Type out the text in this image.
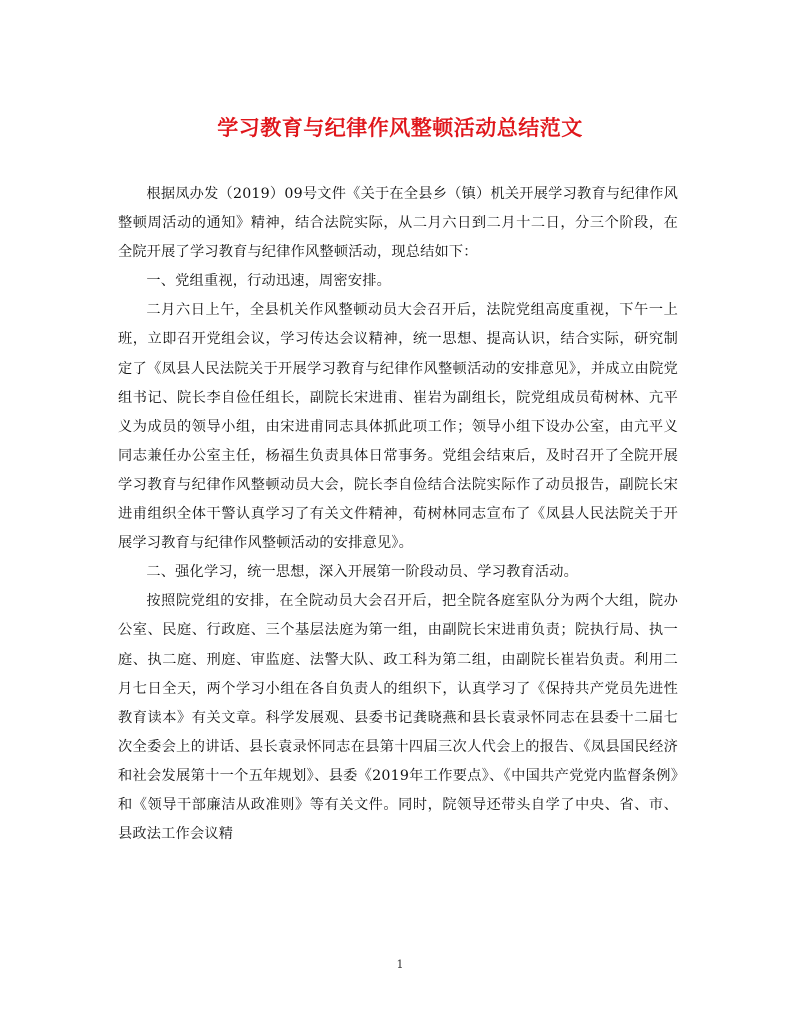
学习教育与纪律作风整顿活动总结范文

根据凤办发（2019）09号文件《关于在全县乡（镇）机关开展学习教育与纪律作风整顿周活动的通知》精神，结合法院实际，从二月六日到二月十二日，分三个阶段，在全院开展了学习教育与纪律作风整顿活动，现总结如下：

一、党组重视，行动迅速，周密安排。

二月六日上午，全县机关作风整顿动员大会召开后，法院党组高度重视，下午一上班，立即召开党组会议，学习传达会议精神，统一思想、提高认识，结合实际，研究制定了《凤县人民法院关于开展学习教育与纪律作风整顿活动的安排意见》，并成立由院党组书记、院长李自俭任组长，副院长宋进甫、崔岩为副组长，院党组成员荀树林、亢平义为成员的领导小组，由宋进甫同志具体抓此项工作；领导小组下设办公室，由亢平义同志兼任办公室主任，杨福生负责具体日常事务。党组会结束后，及时召开了全院开展学习教育与纪律作风整顿动员大会，院长李自俭结合法院实际作了动员报告，副院长宋进甫组织全体干警认真学习了有关文件精神，荀树林同志宣布了《凤县人民法院关于开展学习教育与纪律作风整顿活动的安排意见》。

二、强化学习，统一思想，深入开展第一阶段动员、学习教育活动。

按照院党组的安排，在全院动员大会召开后，把全院各庭室队分为两个大组，院办公室、民庭、行政庭、三个基层法庭为第一组，由副院长宋进甫负责；院执行局、执一庭、执二庭、刑庭、审监庭、法警大队、政工科为第二组，由副院长崔岩负责。利用二月七日全天，两个学习小组在各自负责人的组织下，认真学习了《保持共产党员先进性教育读本》有关文章。科学发展观、县委书记龚晓燕和县长袁录怀同志在县委十二届七次全委会上的讲话、县长袁录怀同志在县第十四届三次人代会上的报告、《凤县国民经济和社会发展第十一个五年规划》、县委《2019年工作要点》、《中国共产党党内监督条例》和《领导干部廉洁从政准则》等有关文件。同时，院领导还带头自学了中央、省、市、县政法工作会议精

1
